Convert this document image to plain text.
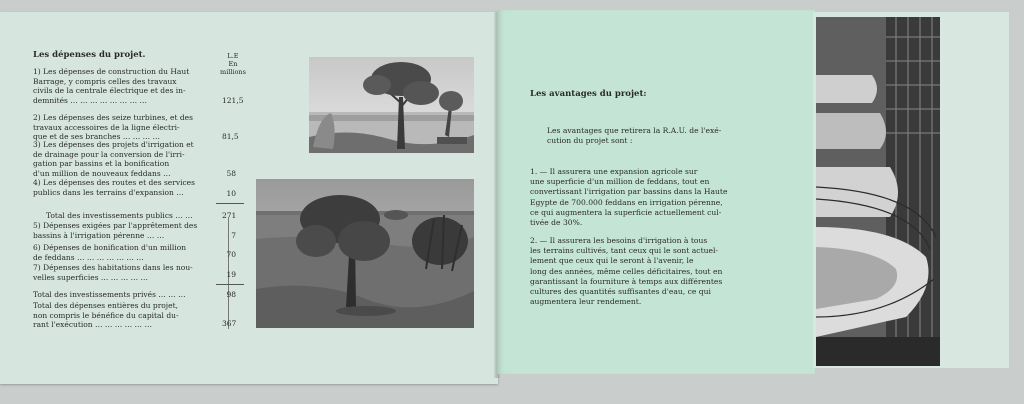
Les dépenses du projet.	L.E
En millions
1) Les dépenses de construction du Haut
Barrage, y compris celles des travaux
civils de la centrale électrique et des in-
demnités … … … … … … … …	121,5
2) Les dépenses des seize turbines, et des
travaux accessoires de la ligne électri-
que et de ses branches … … … …	81,5
3) Les dépenses des projets d'irrigation et
de drainage pour la conversion de l'irri-
gation par bassins et la bonification
d'un million de nouveaux feddans …	58
4) Les dépenses des routes et des services
publics dans les terrains d'expansion …	10
Total des investissements publics … …	271
5) Dépenses exigées par l'apprêtement des
bassins à l'irrigation pérenne … …	7
6) Dépenses de bonification d'un million
de feddans … … … … … … …	70
7) Dépenses des habitations dans les nou-
velles superficies … … … … …	19
Total des investissements privés … … …	98
Total des dépenses entières du projet,
non compris le bénéfice du capital du-
rant l'exécution … … … … … …	367
Les avantages du projet:
Les avantages que retirera la R.A.U. de l'exé-
cution du projet sont :
1. — Il assurera une expansion agricole sur
une superficie d'un million de feddans, tout en
convertissant l'irrigation par bassins dans la Haute
Egypte de 700.000 feddans en irrigation pérenne,
ce qui augmentera la superficie actuellement cul-
tivée de 30%.
2. — Il assurera les besoins d'irrigation à tous
les terrains cultivés, tant ceux qui le sont actuel-
lement que ceux qui le seront à l'avenir, le
long des années, même celles déficitaires, tout en
garantissant la fourniture à temps aux différentes
cultures des quantités suffisantes d'eau, ce qui
augmentera leur rendement.
